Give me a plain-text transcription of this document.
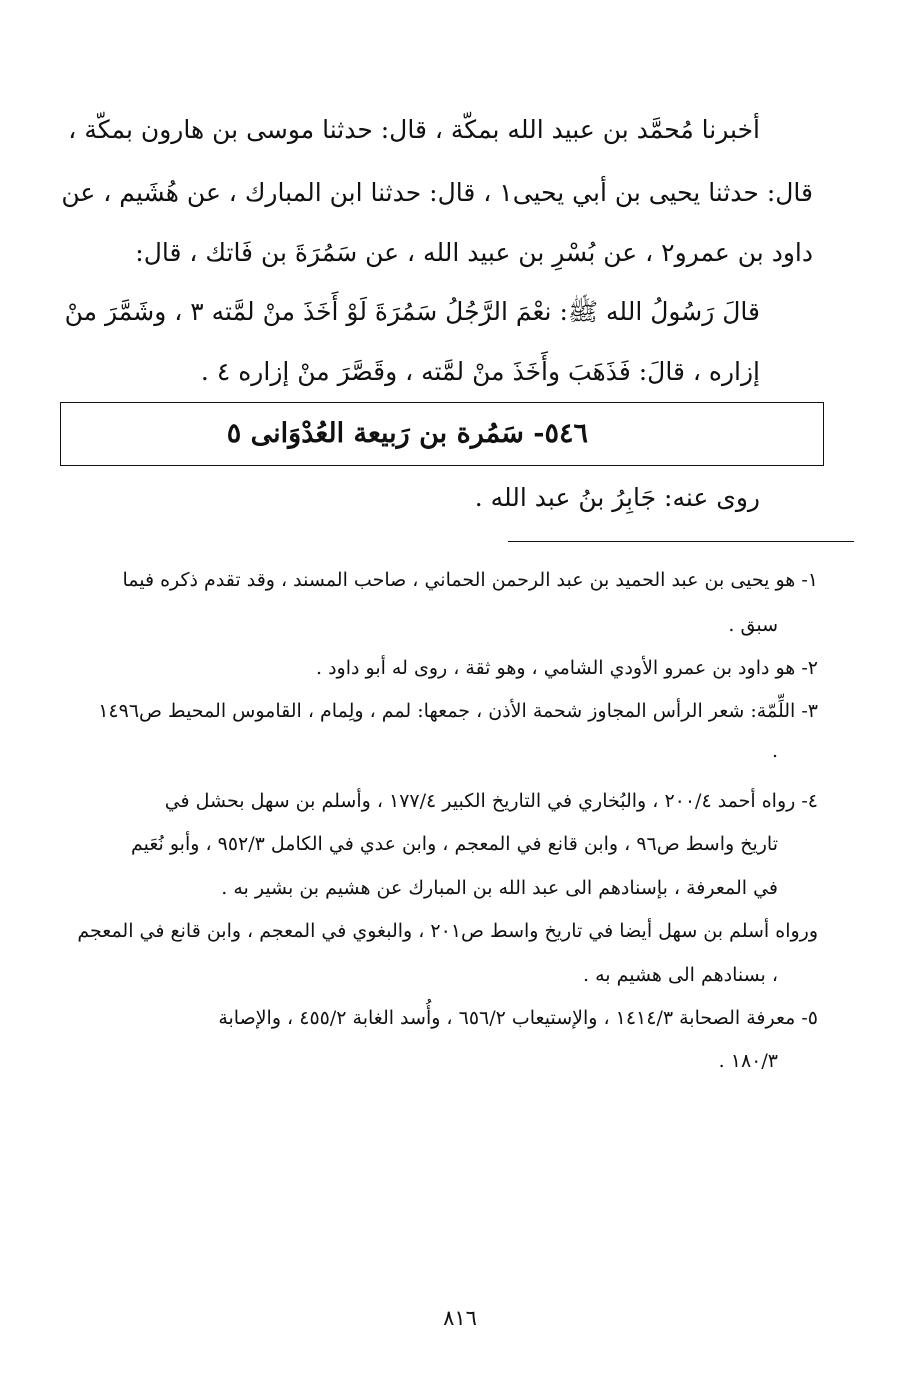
أخبرنا مُحمَّد بن عبيد الله بمكّة ، قال: حدثنا موسى بن هارون بمكّة ،
قال: حدثنا يحيى بن أبي يحيى١ ، قال: حدثنا ابن المبارك ، عن هُشَيم ، عن
داود بن عمرو٢ ، عن بُسْرِ بن عبيد الله ، عن سَمُرَةَ بن فَاتك ، قال:
قالَ رَسُولُ الله ﷺ: نعْمَ الرَّجُلُ سَمُرَةَ لَوْ أَخَذَ منْ لمَّته ٣ ، وشَمَّرَ منْ
إزاره ، قالَ: فَذَهَبَ وأَخَذَ منْ لمَّته ، وقَصَّرَ منْ إزاره ٤ .
٥٤٦- سَمُرة بن رَبيعة العُدْوَانى ٥
روى عنه: جَابِرُ بنُ عبد الله .
١- هو يحيى بن عبد الحميد بن عبد الرحمن الحماني ، صاحب المسند ، وقد تقدم ذكره فيما
سبق .
٢- هو داود بن عمرو الأودي الشامي ، وهو ثقة ، روى له أبو داود .
٣- اللِّمّة: شعر الرأس المجاوز شحمة الأذن ، جمعها: لمم ، ولِمام ، القاموس المحيط ص١٤٩٦
.
٤- رواه أحمد ٢٠٠/٤ ، والبُخاري في التاريخ الكبير ١٧٧/٤ ، وأسلم بن سهل بحشل في
تاريخ واسط ص٩٦ ، وابن قانع في المعجم ، وابن عدي في الكامل ٩٥٢/٣ ، وأبو نُعَيم
في المعرفة ، بإسنادهم الى عبد الله بن المبارك عن هشيم بن بشير به .
ورواه أسلم بن سهل أيضا في تاريخ واسط ص٢٠١ ، والبغوي في المعجم ، وابن قانع في المعجم
، بسنادهم الى هشيم به .
٥- معرفة الصحابة ١٤١٤/٣ ، والإستيعاب ٦٥٦/٢ ، وأُسد الغابة ٤٥٥/٢ ، والإصابة
١٨٠/٣ .
٨١٦
